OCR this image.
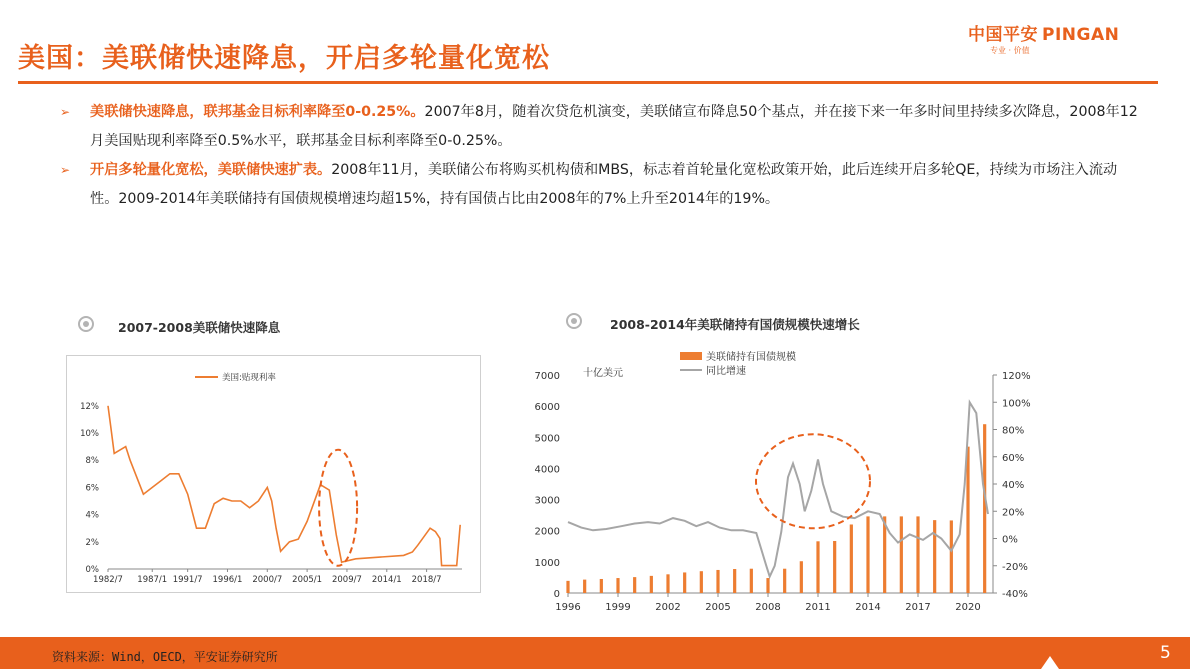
美国：美联储快速降息，开启多轮量化宽松
中国平安 PINGAN
专业 · 价值
➢ 美联储快速降息，联邦基金目标利率降至0-0.25%。2007年8月，随着次贷危机演变，美联储宣布降息50个基点，并在接下来一年多时间里持续多次降息，2008年12月美国贴现利率降至0.5%水平，联邦基金目标利率降至0-0.25%。
➢ 开启多轮量化宽松，美联储快速扩表。2008年11月，美联储公布将购买机构债和MBS，标志着首轮量化宽松政策开始，此后连续开启多轮QE，持续为市场注入流动性。2009-2014年美联储持有国债规模增速均超15%，持有国债占比由2008年的7%上升至2014年的19%。
2007-2008美联储快速降息	2008-2014年美联储持有国债规模快速增长
0%
2%
4%
6%
8%
10%
12%
1982/7 1987/1 1991/7 1996/1 2000/7 2005/1 2009/7 2014/1 2018/7
美国:贴现利率
0
1000
2000
3000
4000
5000
6000
7000
-40%
-20%
0%
20%
40%
60%
80%
100%
120%
1996 1999 2002 2005 2008 2011 2014 2017 2020
十亿美元
美联储持有国债规模
同比增速
资料来源：Wind，OECD，平安证券研究所	5
